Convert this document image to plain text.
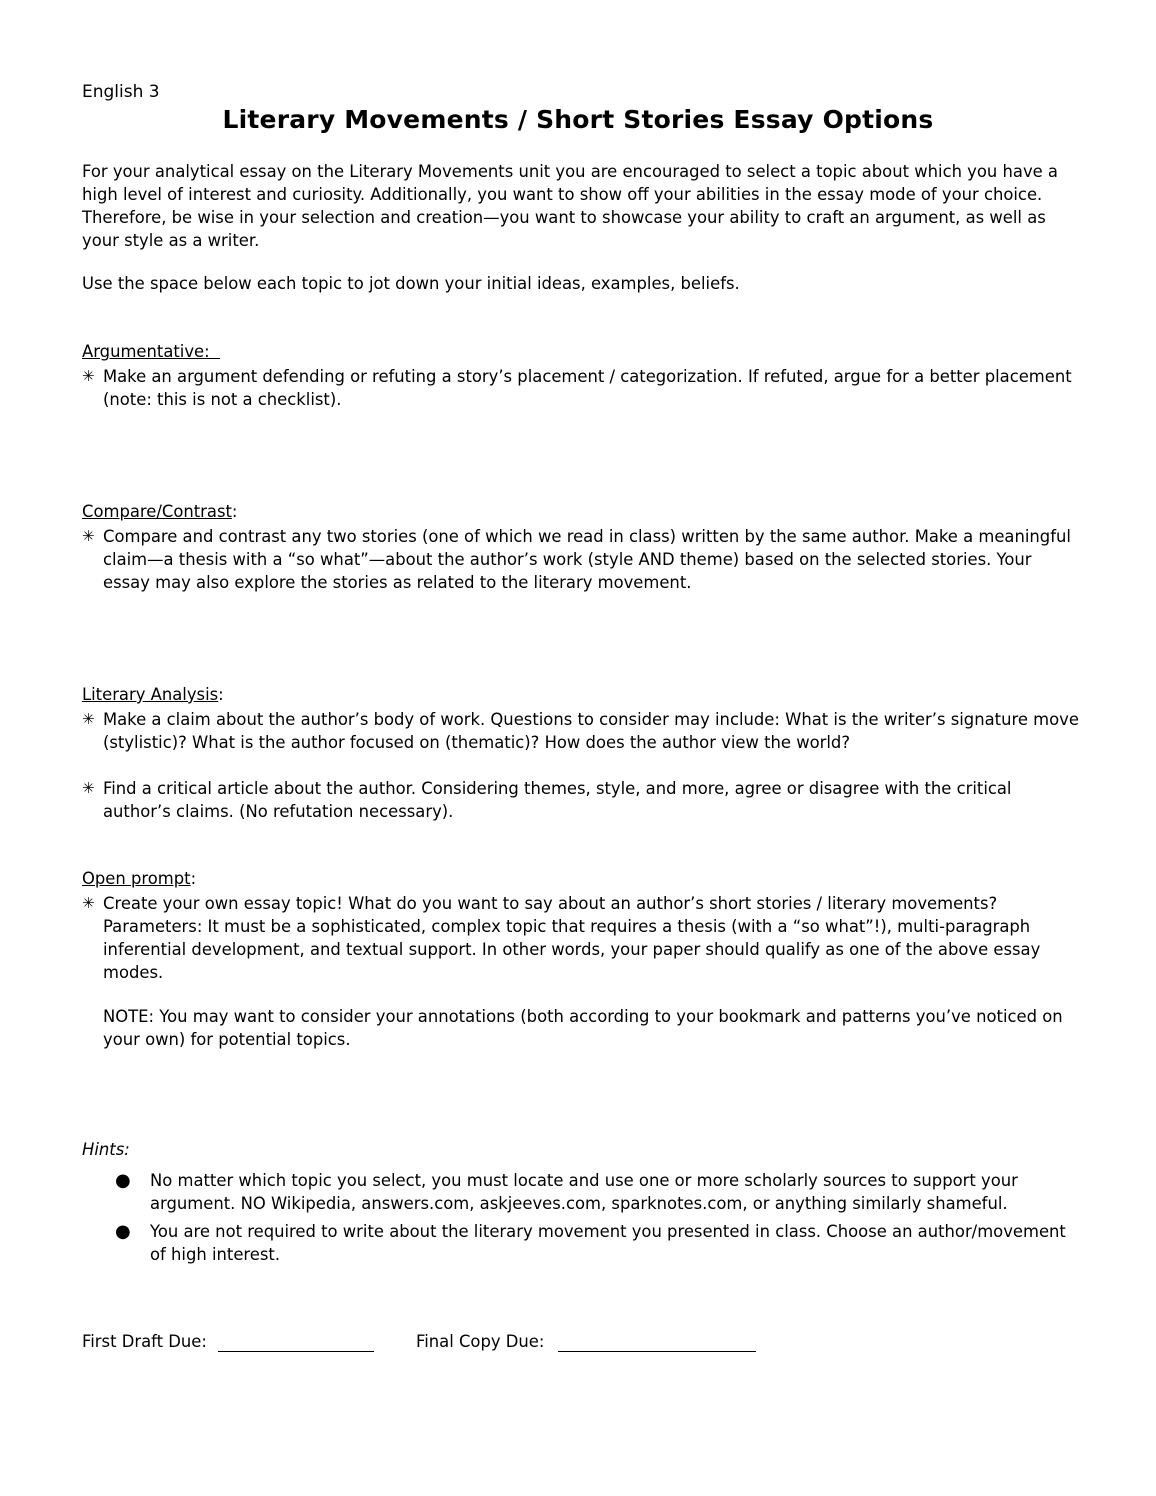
English 3
Literary Movements / Short Stories Essay Options
For your analytical essay on the Literary Movements unit you are encouraged to select a topic about which you have a high level of interest and curiosity. Additionally, you want to show off your abilities in the essay mode of your choice. Therefore, be wise in your selection and creation—you want to showcase your ability to craft an argument, as well as your style as a writer.
Use the space below each topic to jot down your initial ideas, examples, beliefs.
Argumentative:
✳ Make an argument defending or refuting a story’s placement / categorization. If refuted, argue for a better placement (note: this is not a checklist).
Compare/Contrast:
✳ Compare and contrast any two stories (one of which we read in class) written by the same author. Make a meaningful claim—a thesis with a “so what”—about the author’s work (style AND theme) based on the selected stories. Your essay may also explore the stories as related to the literary movement.
Literary Analysis:
✳ Make a claim about the author’s body of work. Questions to consider may include: What is the writer’s signature move (stylistic)? What is the author focused on (thematic)? How does the author view the world?
✳ Find a critical article about the author. Considering themes, style, and more, agree or disagree with the critical author’s claims. (No refutation necessary).
Open prompt:
✳ Create your own essay topic! What do you want to say about an author’s short stories / literary movements? Parameters: It must be a sophisticated, complex topic that requires a thesis (with a “so what”!), multi-paragraph inferential development, and textual support. In other words, your paper should qualify as one of the above essay modes.
NOTE: You may want to consider your annotations (both according to your bookmark and patterns you’ve noticed on your own) for potential topics.
Hints:
● No matter which topic you select, you must locate and use one or more scholarly sources to support your argument. NO Wikipedia, answers.com, askjeeves.com, sparknotes.com, or anything similarly shameful.
● You are not required to write about the literary movement you presented in class. Choose an author/movement of high interest.
First Draft Due:	Final Copy Due:
